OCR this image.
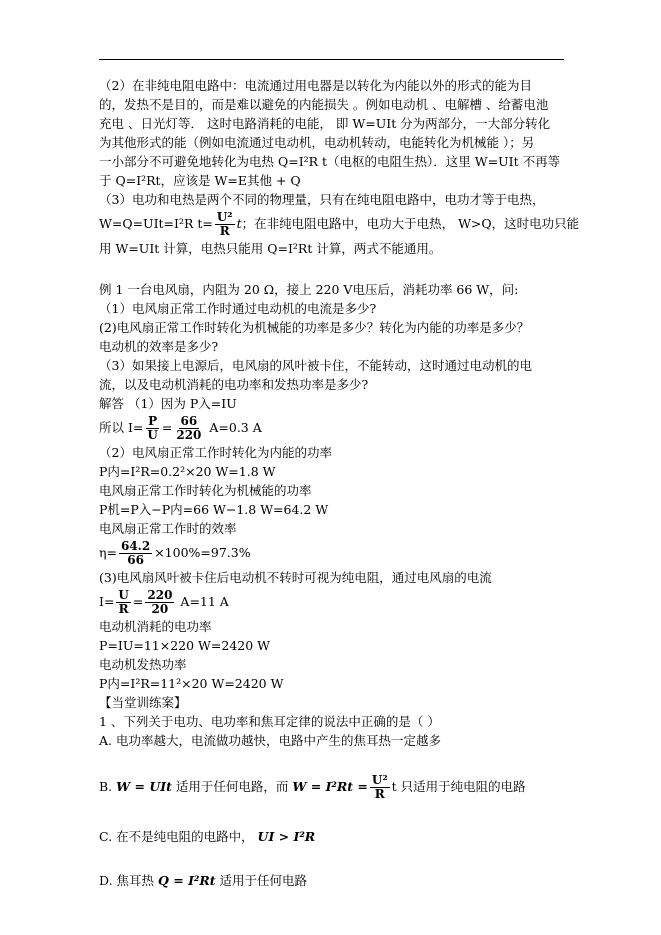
（2）在非纯电阻电路中：电流通过用电器是以转化为内能以外的形式的能为目
的，发热不是目的，而是难以避免的内能损失 。例如电动机 、电解槽 、给蓄电池
充电 、日光灯等． 这时电路消耗的电能， 即 W=UIt 分为两部分，一大部分转化
为其他形式的能（例如电流通过电动机，电动机转动，电能转化为机械能 ）；另
一小部分不可避免地转化为电热 Q=I²R t（电枢的电阻生热）．这里 W=UIt 不再等
于 Q=I²Rt，应该是 W=E其他 + Q
（3）电功和电热是两个不同的物理量，只有在纯电阻电路中，电功才等于电热，
W=Q=UIt=I²R $t= \frac{\text{U²}}{R}$ t；在非纯电阻电路中，电功大于电热， W>Q，这时电功只能
用 W=UIt 计算，电热只能用 Q=I²Rt 计算，两式不能通用。
例 1 一台电风扇，内阻为 20 Ω，接上 220 V电压后，消耗功率 66 W，问:
（1）电风扇正常工作时通过电动机的电流是多少?
(2)电风扇正常工作时转化为机械能的功率是多少？转化为内能的功率是多少？
电动机的效率是多少?
（3）如果接上电源后，电风扇的风叶被卡住，不能转动，这时通过电动机的电
流，以及电动机消耗的电功率和发热功率是多少?
解答 （1）因为 P入=IU
所以 $I= \frac{P}{U} = \frac{66}{220} A=0.3$ A
（2）电风扇正常工作时转化为内能的功率
P内=I²R=0.2²×20 W=1.8 W
电风扇正常工作时转化为机械能的功率
P机=P入−P内=66 W−1.8 W=64.2 W
电风扇正常工作时的效率
$\eta= \frac{64.2}{66} \times 100\%=97.3\%$
(3)电风扇风叶被卡住后电动机不转时可视为纯电阻，通过电风扇的电流
$I= \frac{U}{R} = \frac{220}{20} A=11$ A
电动机消耗的电功率
P=IU=11×220 W=2420 W
电动机发热功率
P内=I²R=11²×20 W=2420 W
【当堂训练案】
1 、下列关于电功、电功率和焦耳定律的说法中正确的是（ ）
A. 电功率越大，电流做功越快，电路中产生的焦耳热一定越多
B. W = UIt 适用于任何电路，而 $W = I^2Rt = \frac{\text{U²}}{R}$ t 只适用于纯电阻的电路
C. 在不是纯电阻的电路中， UI > I²R
D. 焦耳热 Q = I²Rt 适用于任何电路
